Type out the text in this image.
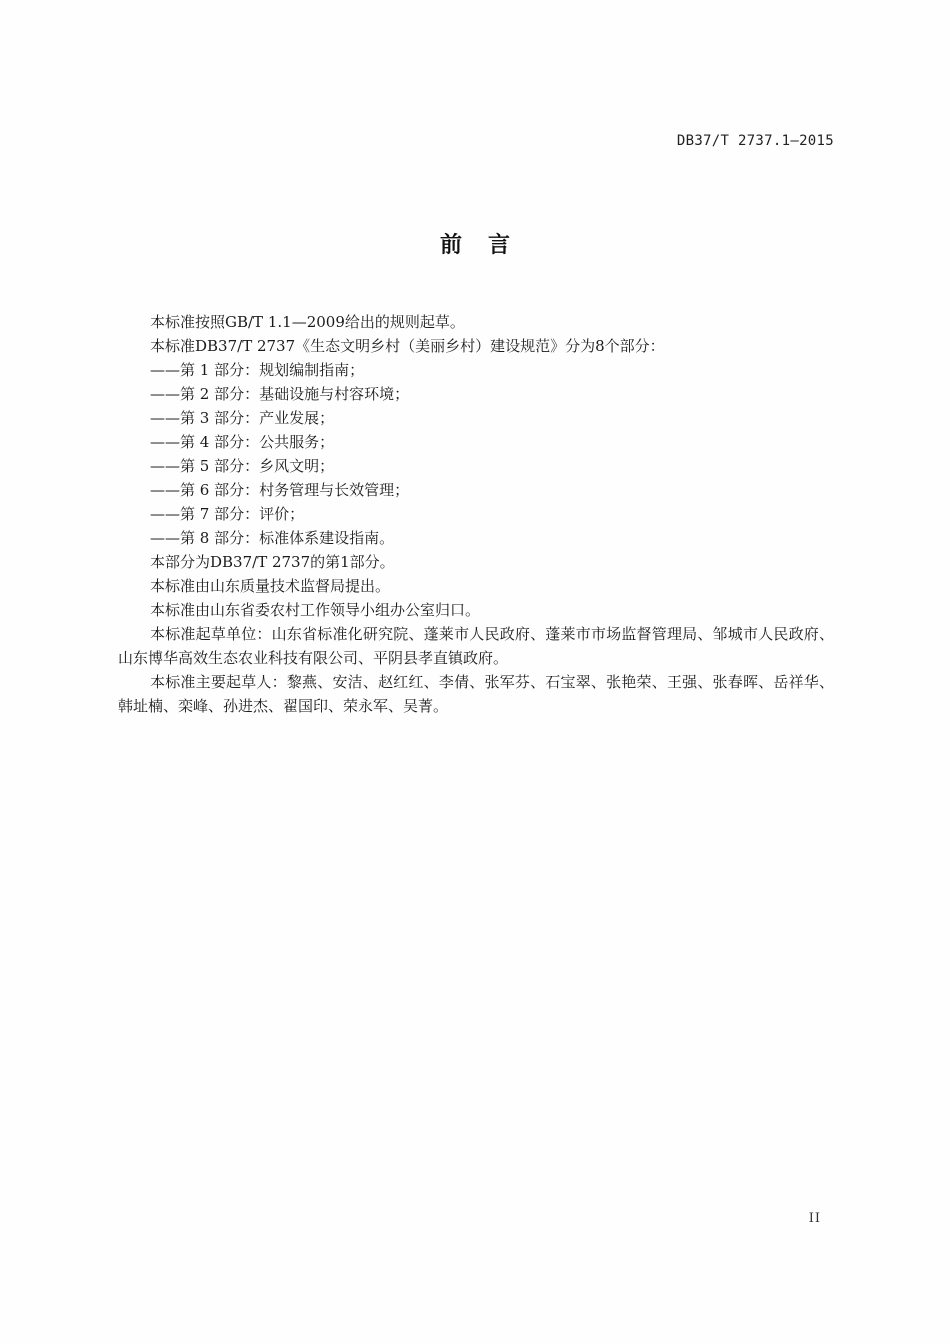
DB37/T 2737.1—2015
前言

本标准按照GB/T 1.1—2009给出的规则起草。

本标准DB37/T 2737《生态文明乡村（美丽乡村）建设规范》分为8个部分：

——第 1 部分：规划编制指南；

——第 2 部分：基础设施与村容环境；

——第 3 部分：产业发展；

——第 4 部分：公共服务；

——第 5 部分：乡风文明；

——第 6 部分：村务管理与长效管理；

——第 7 部分：评价；

——第 8 部分：标准体系建设指南。

本部分为DB37/T 2737的第1部分。

本标准由山东质量技术监督局提出。

本标准由山东省委农村工作领导小组办公室归口。

本标准起草单位：山东省标准化研究院、蓬莱市人民政府、蓬莱市市场监督管理局、邹城市人民政府、山东博华高效生态农业科技有限公司、平阴县孝直镇政府。

本标准主要起草人：黎燕、安洁、赵红红、李倩、张军芬、石宝翠、张艳荣、王强、张春晖、岳祥华、韩址楠、栾峰、孙进杰、翟国印、荣永军、吴菁。

II
